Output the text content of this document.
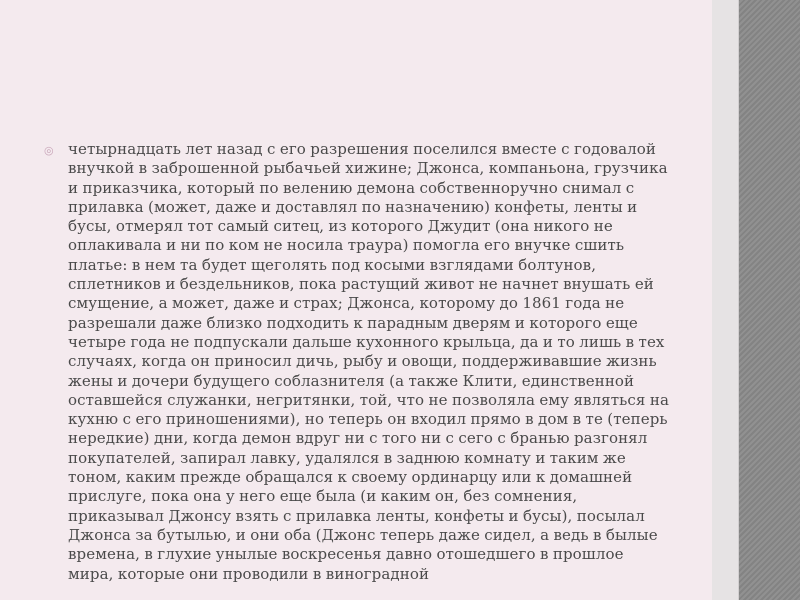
◎ четырнадцать лет назад с его разрешения поселился вместе с годовалой внучкой в заброшенной рыбачьей хижине; Джонса, компаньона, грузчика и приказчика, который по велению демона собственноручно снимал с прилавка (может, даже и доставлял по назначению) конфеты, ленты и бусы, отмерял тот самый ситец, из которого Джудит (она никого не оплакивала и ни по ком не носила траура) помогла его внучке сшить платье: в нем та будет щеголять под косыми взглядами болтунов, сплетников и бездельников, пока растущий живот не начнет внушать ей смущение, а может, даже и страх; Джонса, которому до 1861 года не разрешали даже близко подходить к парадным дверям и которого еще четыре года не подпускали дальше кухонного крыльца, да и то лишь в тех случаях, когда он приносил дичь, рыбу и овощи, поддерживавшие жизнь жены и дочери будущего соблазнителя (а также Клити, единственной оставшейся служанки, негритянки, той, что не позволяла ему являться на кухню с его приношениями), но теперь он входил прямо в дом в те (теперь нередкие) дни, когда демон вдруг ни с того ни с сего с бранью разгонял покупателей, запирал лавку, удалялся в заднюю комнату и таким же тоном, каким прежде обращался к своему ординарцу или к домашней прислуге, пока она у него еще была (и каким он, без сомнения, приказывал Джонсу взять с прилавка ленты, конфеты и бусы), посылал Джонса за бутылью, и они оба (Джонс теперь даже сидел, а ведь в былые времена, в глухие унылые воскресенья давно отошедшего в прошлое мира, которые они проводили в виноградной
